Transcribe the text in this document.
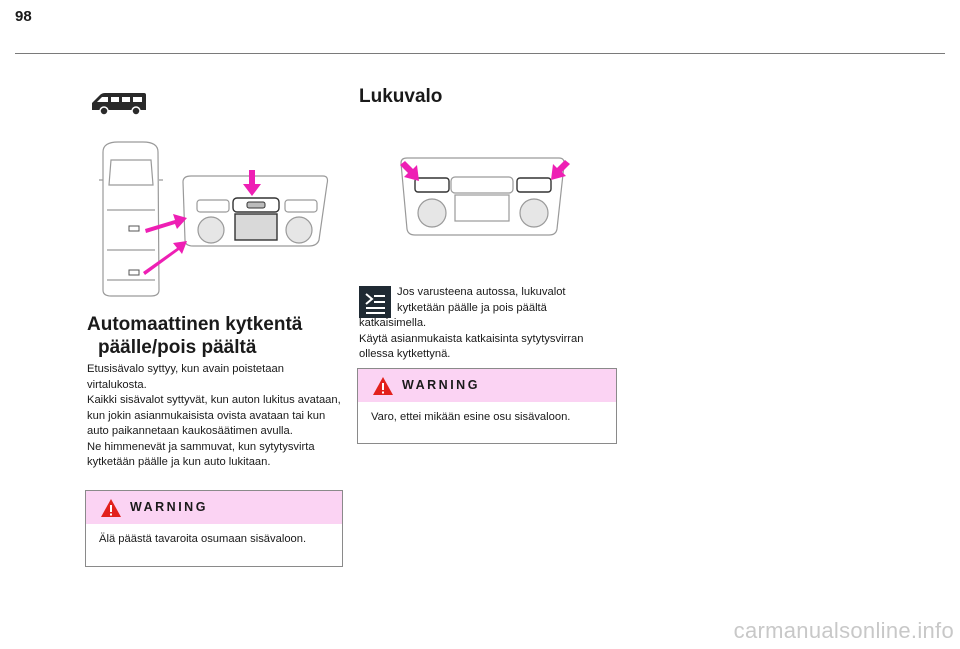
98
Automaattinen kytkentä
päälle/pois päältä

Etusisävalo syttyy, kun avain poistetaan virtalukosta.

Kaikki sisävalot syttyvät, kun auton lukitus avataan, kun jokin asianmukaisista ovista avataan tai kun auto paikannetaan kaukosäätimen avulla.

Ne himmenevät ja sammuvat, kun sytytysvirta kytketään päälle ja kun auto lukitaan.

WARNING
Älä päästä tavaroita osumaan sisävaloon.
Lukuvalo

Jos varusteena autossa, lukuvalot

kytketään päälle ja pois päältä

katkaisimella.

Käytä asianmukaista katkaisinta sytytysvirran ollessa kytkettynä.

WARNING
Varo, ettei mikään esine osu sisävaloon.
carmanualsonline.info
